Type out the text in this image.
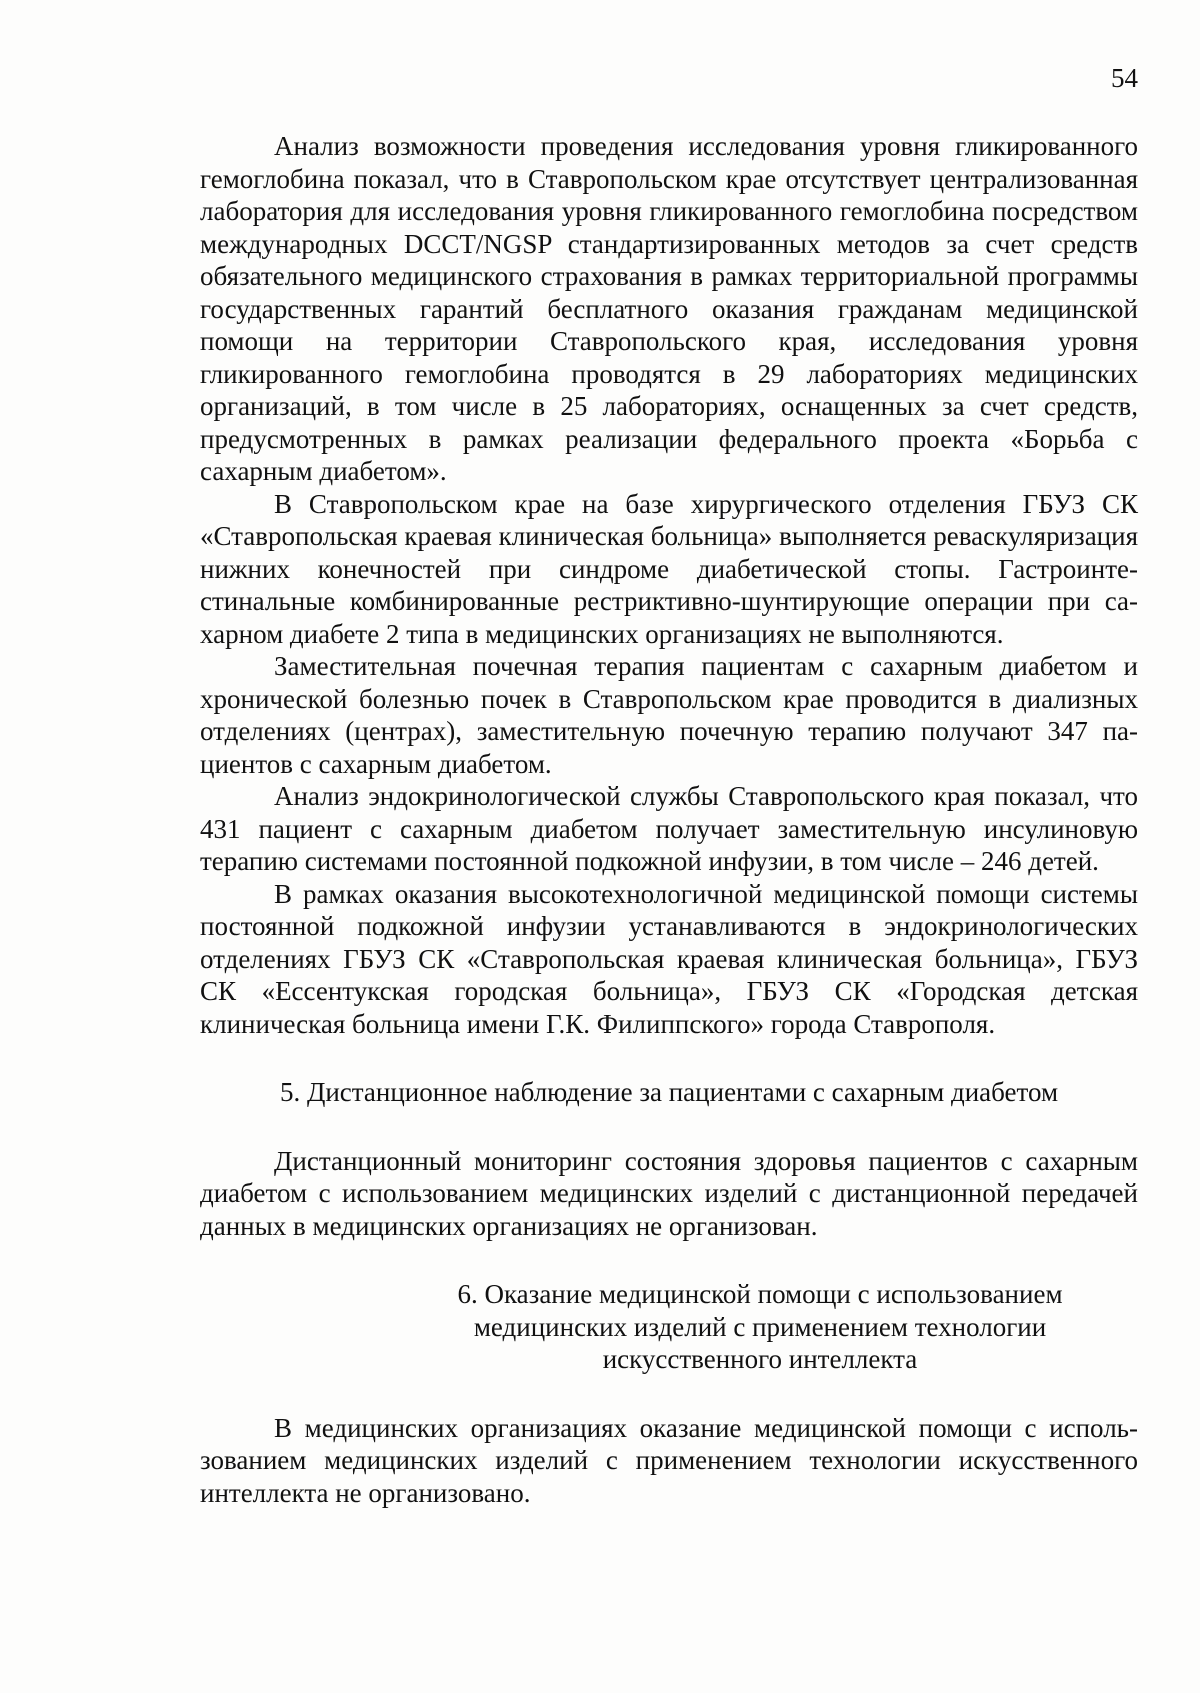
54

Анализ возможности проведения исследования уровня гликированного гемоглобина показал, что в Ставропольском крае отсутствует централизованная лаборатория для исследования уровня гликированного гемоглобина посредством международных DCCT/NGSP стандартизированных методов за счет средств обязательного медицинского страхования в рамках территориальной программы государственных гарантий бесплатного оказания гражданам медицинской помощи на территории Ставропольского края, исследования уровня гликированного гемоглобина проводятся в 29 лабораториях медицинских организаций, в том числе в 25 лабораториях, оснащенных за счет средств, предусмотренных в рамках реализации федерального проекта «Борьба с сахарным диабетом».

В Ставропольском крае на базе хирургического отделения ГБУЗ СК «Ставропольская краевая клиническая больница» выполняется реваскуляризация нижних конечностей при синдроме диабетической стопы. Гастроинтестинальные комбинированные рестриктивно-шунтирующие операции при сахарном диабете 2 типа в медицинских организациях не выполняются.

Заместительная почечная терапия пациентам с сахарным диабетом и хронической болезнью почек в Ставропольском крае проводится в диализных отделениях (центрах), заместительную почечную терапию получают 347 пациентов с сахарным диабетом.

Анализ эндокринологической службы Ставропольского края показал, что 431 пациент с сахарным диабетом получает заместительную инсулиновую терапию системами постоянной подкожной инфузии, в том числе – 246 детей.

В рамках оказания высокотехнологичной медицинской помощи системы постоянной подкожной инфузии устанавливаются в эндокринологических отделениях ГБУЗ СК «Ставропольская краевая клиническая больница», ГБУЗ СК «Ессентукская городская больница», ГБУЗ СК «Городская детская клиническая больница имени Г.К. Филиппского» города Ставрополя.

5. Дистанционное наблюдение за пациентами с сахарным диабетом

Дистанционный мониторинг состояния здоровья пациентов с сахарным диабетом с использованием медицинских изделий с дистанционной передачей данных в медицинских организациях не организован.

6. Оказание медицинской помощи с использованием
медицинских изделий с применением технологии
искусственного интеллекта

В медицинских организациях оказание медицинской помощи с использованием медицинских изделий с применением технологии искусственного интеллекта не организовано.
